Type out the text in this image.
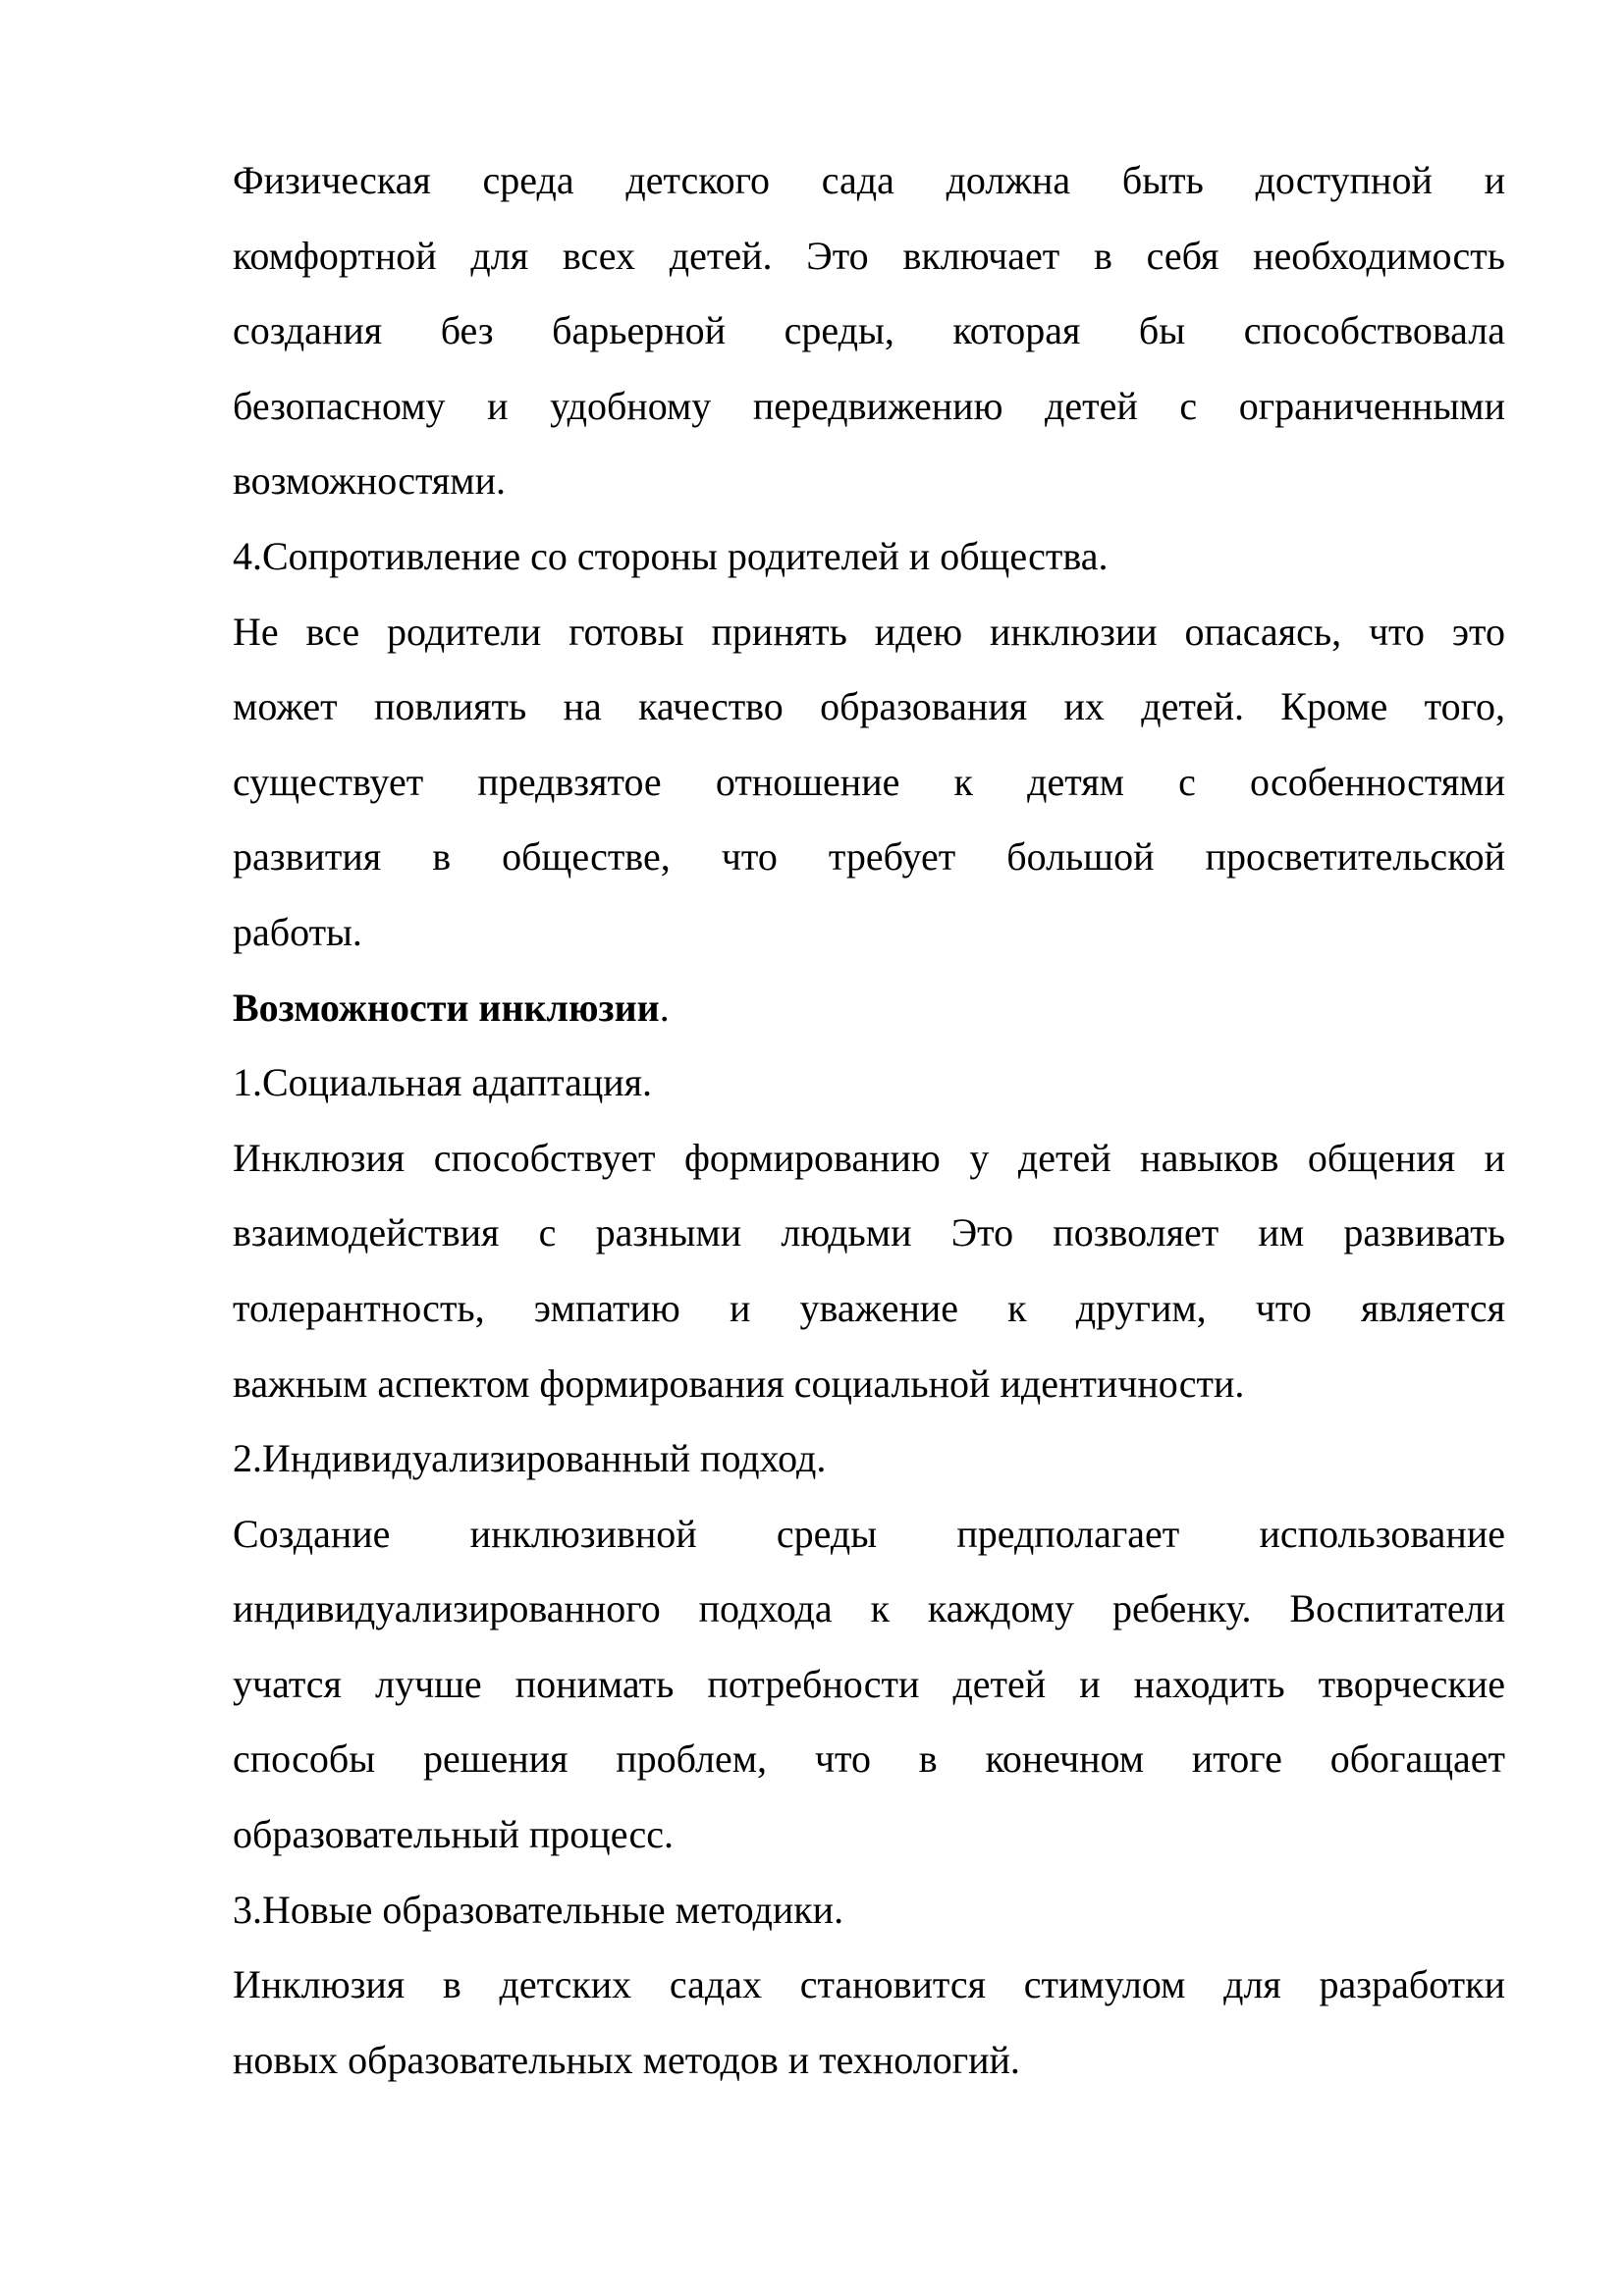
Физическая среда детского сада должна быть доступной и
комфортной для всех детей. Это включает в себя необходимость
создания без барьерной среды, которая бы способствовала
безопасному и удобному передвижению детей с ограниченными
возможностями.
4.Сопротивление со стороны родителей и общества.
Не все родители готовы принять идею инклюзии опасаясь, что это
может повлиять на качество образования их детей. Кроме того,
существует предвзятое отношение к детям с особенностями
развития в обществе, что требует большой просветительской
работы.
Возможности инклюзии.
1.Социальная адаптация.
Инклюзия способствует формированию у детей навыков общения и
взаимодействия с разными людьми Это позволяет им развивать
толерантность, эмпатию и уважение к другим, что является
важным аспектом формирования социальной идентичности.
2.Индивидуализированный подход.
Создание инклюзивной среды предполагает использование
индивидуализированного подхода к каждому ребенку. Воспитатели
учатся лучше понимать потребности детей и находить творческие
способы решения проблем, что в конечном итоге обогащает
образовательный процесс.
3.Новые образовательные методики.
Инклюзия в детских садах становится стимулом для разработки
новых образовательных методов и технологий.
